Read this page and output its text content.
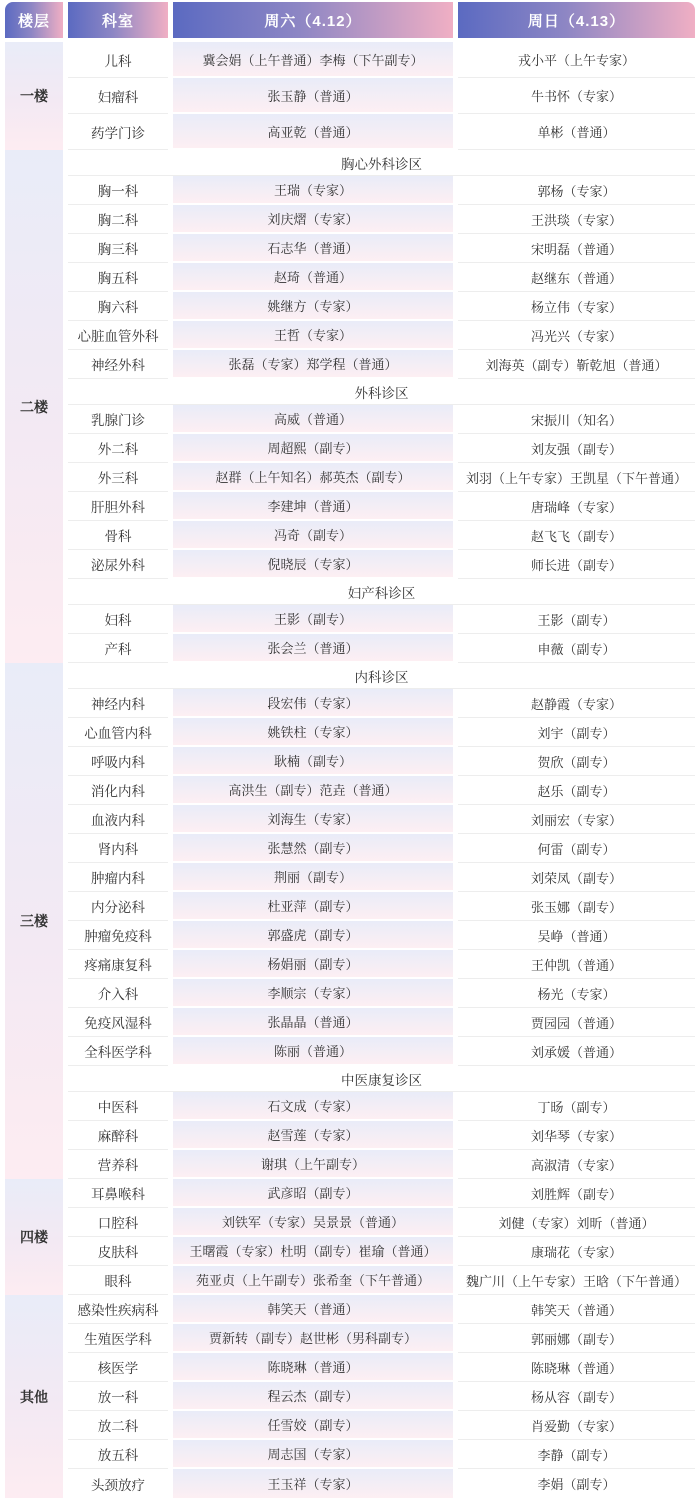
楼层	科室	周六（4.12）	周日（4.13）
一楼	儿科	冀会娟（上午普通）李梅（下午副专）	戎小平（上午专家）
	妇瘤科	张玉静（普通）	牛书怀（专家）
	药学门诊	高亚乾（普通）	单彬（普通）
二楼	胸心外科诊区		
	胸一科	王瑞（专家）	郭杨（专家）
	胸二科	刘庆熠（专家）	王洪琰（专家）
	胸三科	石志华（普通）	宋明磊（普通）
	胸五科	赵琦（普通）	赵继东（普通）
	胸六科	姚继方（专家）	杨立伟（专家）
	心脏血管外科	王哲（专家）	冯光兴（专家）
	神经外科	张磊（专家）郑学程（普通）	刘海英（副专）靳乾旭（普通）
	外科诊区		
	乳腺门诊	高威（普通）	宋振川（知名）
	外二科	周超熙（副专）	刘友强（副专）
	外三科	赵群（上午知名）郝英杰（副专）	刘羽（上午专家）王凯星（下午普通）
	肝胆外科	李建坤（普通）	唐瑞峰（专家）
	骨科	冯奇（副专）	赵飞飞（副专）
	泌尿外科	倪晓辰（专家）	师长进（副专）
	妇产科诊区		
	妇科	王影（副专）	王影（副专）
	产科	张会兰（普通）	申薇（副专）
三楼	内科诊区		
	神经内科	段宏伟（专家）	赵静霞（专家）
	心血管内科	姚铁柱（专家）	刘宇（副专）
	呼吸内科	耿楠（副专）	贺欣（副专）
	消化内科	高洪生（副专）范垚（普通）	赵乐（副专）
	血液内科	刘海生（专家）	刘丽宏（专家）
	肾内科	张慧然（副专）	何雷（副专）
	肿瘤内科	荆丽（副专）	刘荣凤（副专）
	内分泌科	杜亚萍（副专）	张玉娜（副专）
	肿瘤免疫科	郭盛虎（副专）	吴峥（普通）
	疼痛康复科	杨娟丽（副专）	王仲凯（普通）
	介入科	李顺宗（专家）	杨光（专家）
	免疫风湿科	张晶晶（普通）	贾园园（普通）
	全科医学科	陈丽（普通）	刘承媛（普通）
	中医康复诊区		
	中医科	石文成（专家）	丁旸（副专）
	麻醉科	赵雪莲（专家）	刘华琴（专家）
	营养科	谢琪（上午副专）	高淑清（专家）
四楼	耳鼻喉科	武彦昭（副专）	刘胜辉（副专）
	口腔科	刘铁军（专家）吴景景（普通）	刘健（专家）刘昕（普通）
	皮肤科	王曙霞（专家）杜明（副专）崔瑜（普通）	康瑞花（专家）
	眼科	苑亚贞（上午副专）张希奎（下午普通）	魏广川（上午专家）王晗（下午普通）
其他	感染性疾病科	韩笑天（普通）	韩笑天（普通）
	生殖医学科	贾新转（副专）赵世彬（男科副专）	郭丽娜（副专）
	核医学	陈晓琳（普通）	陈晓琳（普通）
	放一科	程云杰（副专）	杨从容（副专）
	放二科	任雪姣（副专）	肖爱勤（专家）
	放五科	周志国（专家）	李静（副专）
	头颈放疗	王玉祥（专家）	李娟（副专）
